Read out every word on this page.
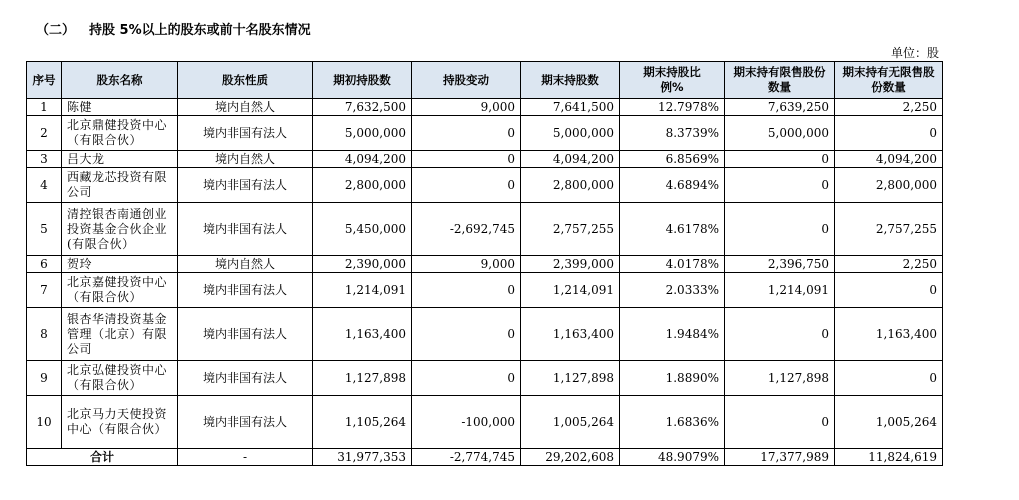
（二） 持股 5%以上的股东或前十名股东情况
单位：股
序号	股东名称	股东性质	期初持股数	持股变动	期末持股数	期末持股比例%	期末持有限售股份数量	期末持有无限售股份数量
1	陈健	境内自然人	7,632,500	9,000	7,641,500	12.7978%	7,639,250	2,250
2	北京鼎健投资中心（有限合伙）	境内非国有法人	5,000,000	0	5,000,000	8.3739%	5,000,000	0
3	吕大龙	境内自然人	4,094,200	0	4,094,200	6.8569%	0	4,094,200
4	西藏龙芯投资有限公司	境内非国有法人	2,800,000	0	2,800,000	4.6894%	0	2,800,000
5	清控银杏南通创业投资基金合伙企业(有限合伙）	境内非国有法人	5,450,000	-2,692,745	2,757,255	4.6178%	0	2,757,255
6	贺玲	境内自然人	2,390,000	9,000	2,399,000	4.0178%	2,396,750	2,250
7	北京嘉健投资中心（有限合伙）	境内非国有法人	1,214,091	0	1,214,091	2.0333%	1,214,091	0
8	银杏华清投资基金管理（北京）有限公司	境内非国有法人	1,163,400	0	1,163,400	1.9484%	0	1,163,400
9	北京弘健投资中心（有限合伙）	境内非国有法人	1,127,898	0	1,127,898	1.8890%	1,127,898	0
10	北京马力天使投资中心（有限合伙）	境内非国有法人	1,105,264	-100,000	1,005,264	1.6836%	0	1,005,264
合计		-	31,977,353	-2,774,745	29,202,608	48.9079%	17,377,989	11,824,619
